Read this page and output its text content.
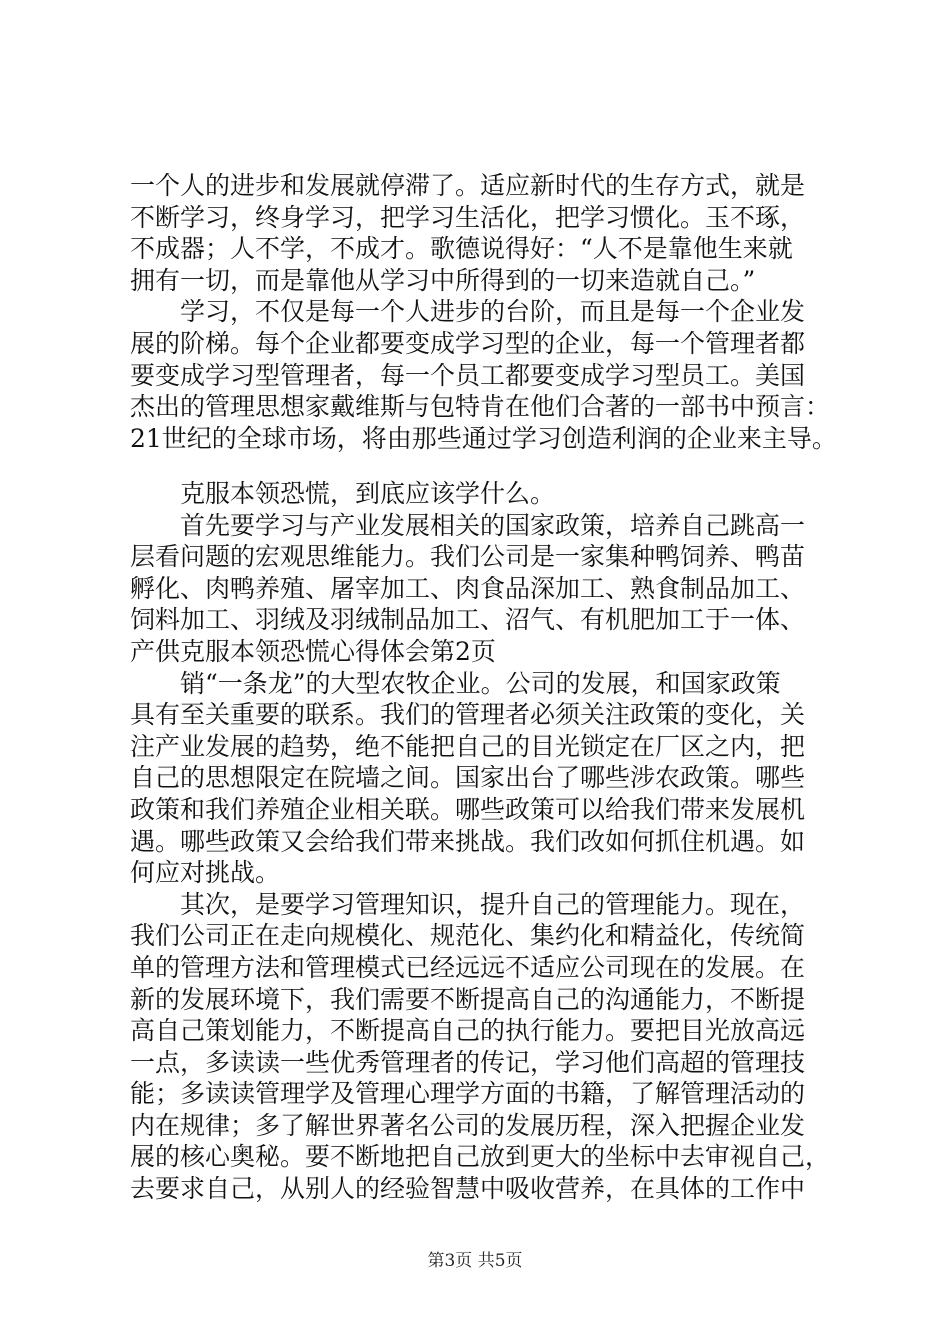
一个人的进步和发展就停滞了。适应新时代的生存方式，就是
不断学习，终身学习，把学习生活化，把学习惯化。玉不琢，
不成器；人不学，不成才。歌德说得好：“人不是靠他生来就
拥有一切，而是靠他从学习中所得到的一切来造就自己。”
学习，不仅是每一个人进步的台阶，而且是每一个企业发
展的阶梯。每个企业都要变成学习型的企业，每一个管理者都
要变成学习型管理者，每一个员工都要变成学习型员工。美国
杰出的管理思想家戴维斯与包特肯在他们合著的一部书中预言：
21世纪的全球市场，将由那些通过学习创造利润的企业来主导。
克服本领恐慌，到底应该学什么。
首先要学习与产业发展相关的国家政策，培养自己跳高一
层看问题的宏观思维能力。我们公司是一家集种鸭饲养、鸭苗
孵化、肉鸭养殖、屠宰加工、肉食品深加工、熟食制品加工、
饲料加工、羽绒及羽绒制品加工、沼气、有机肥加工于一体、
产供克服本领恐慌心得体会第2页
销“一条龙”的大型农牧企业。公司的发展，和国家政策
具有至关重要的联系。我们的管理者必须关注政策的变化，关
注产业发展的趋势，绝不能把自己的目光锁定在厂区之内，把
自己的思想限定在院墙之间。国家出台了哪些涉农政策。哪些
政策和我们养殖企业相关联。哪些政策可以给我们带来发展机
遇。哪些政策又会给我们带来挑战。我们改如何抓住机遇。如
何应对挑战。
其次，是要学习管理知识，提升自己的管理能力。现在，
我们公司正在走向规模化、规范化、集约化和精益化，传统简
单的管理方法和管理模式已经远远不适应公司现在的发展。在
新的发展环境下，我们需要不断提高自己的沟通能力，不断提
高自己策划能力，不断提高自己的执行能力。要把目光放高远
一点，多读读一些优秀管理者的传记，学习他们高超的管理技
能；多读读管理学及管理心理学方面的书籍，了解管理活动的
内在规律；多了解世界著名公司的发展历程，深入把握企业发
展的核心奥秘。要不断地把自己放到更大的坐标中去审视自己，
去要求自己，从别人的经验智慧中吸收营养，在具体的工作中
第3页 共5页
